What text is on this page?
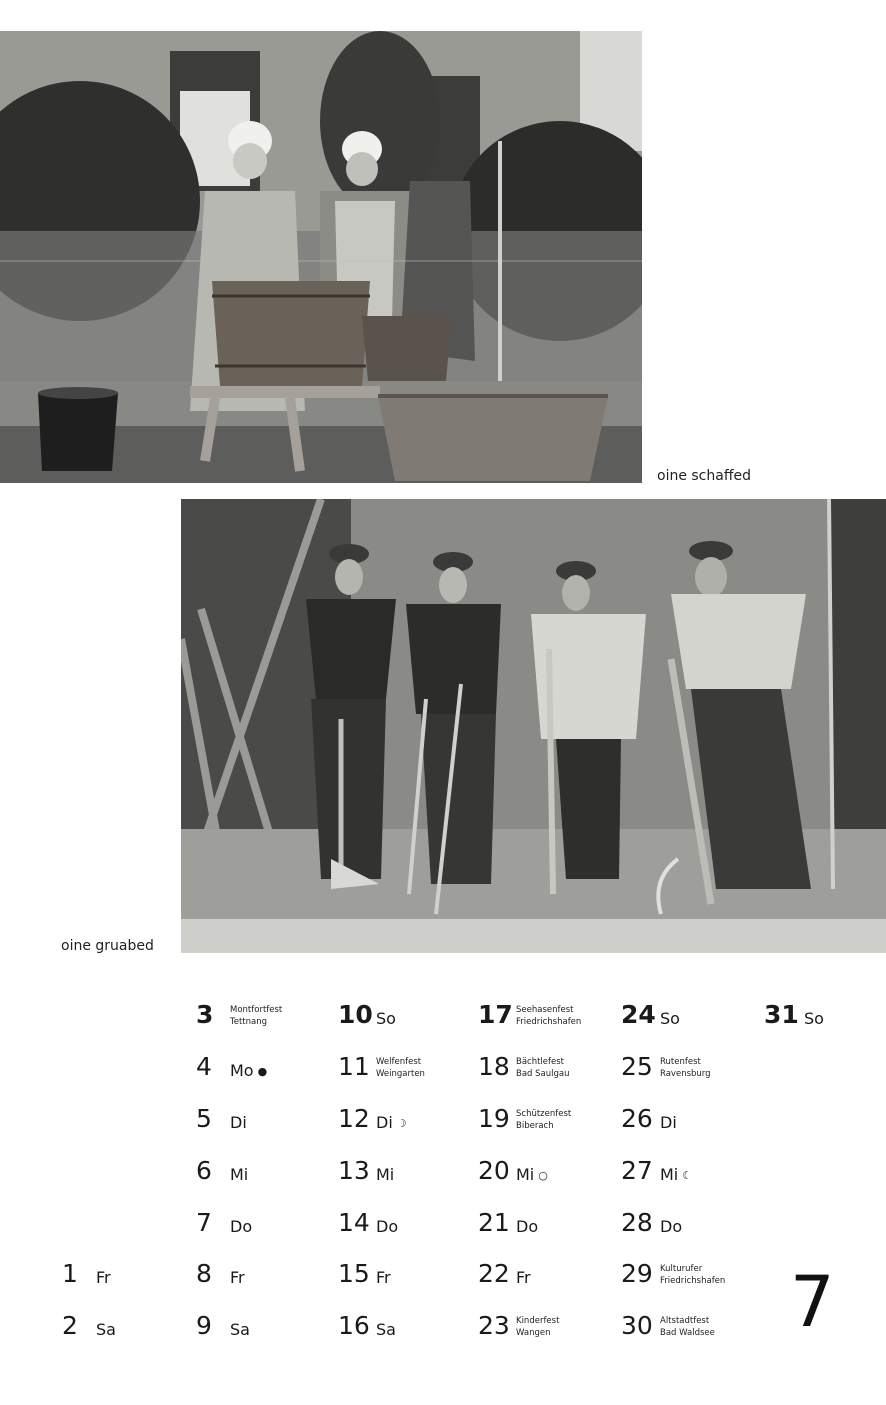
oine schaffed
oine gruabed
1 Fr
2 Sa
3 Montfortfest
Tettnang
4 Mo ●
5 Di
6 Mi
7 Do
8 Fr
9 Sa
10 So
11 Welfenfest
Weingarten
12 Di ☽
13 Mi
14 Do
15 Fr
16 Sa
17 Seehasenfest
Friedrichshafen
18 Bächtlefest
Bad Saulgau
19 Schützenfest
Biberach
20 Mi ○
21 Do
22 Fr
23 Kinderfest
Wangen
24 So
25 Rutenfest
Ravensburg
26 Di
27 Mi ☾
28 Do
29 Kulturufer
Friedrichshafen
30 Altstadtfest
Bad Waldsee
31 So
7
